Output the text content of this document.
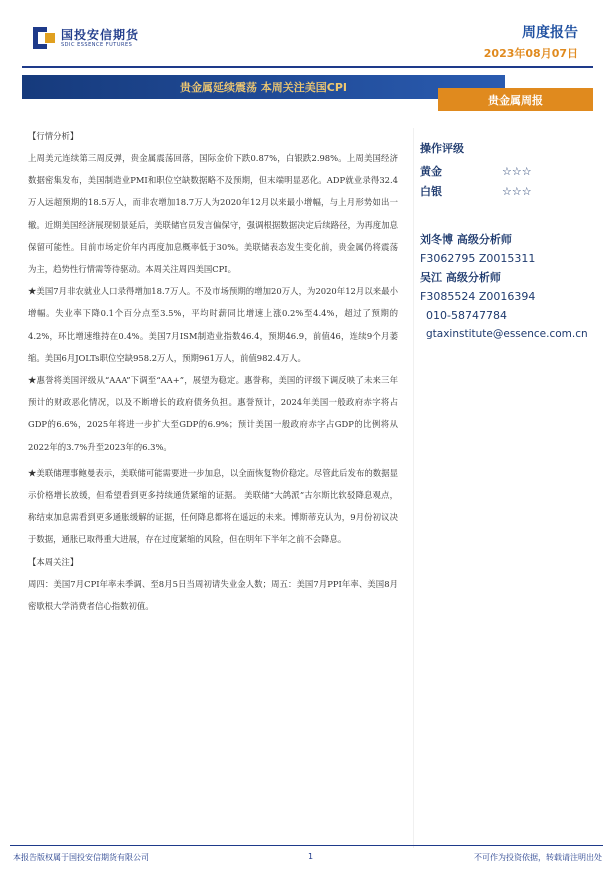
国投安信期货
SDIC ESSENCE FUTURES
周度报告
2023年08月07日
贵金属延续震荡 本周关注美国CPI
贵金属周报
【行情分析】

上周美元连续第三周反弹，贵金属震荡回落，国际金价下跌0.87%，白银跌2.98%。上周美国经济数据密集发布，美国制造业PMI和职位空缺数据略不及预期，但末端明显恶化。ADP就业录得32.4万人远超预期的18.5万人，而非农增加18.7万人为2020年12月以来最小增幅，与上月形势如出一辙。近期美国经济展现韧景延后，美联储官员发言偏保守，强调根据数据决定后续路径，为再度加息保留可能性。目前市场定价年内再度加息概率低于30%。美联储表态发生变化前，贵金属仍将震荡为主，趋势性行情需等待驱动。本周关注周四美国CPI。

★美国7月非农就业人口录得增加18.7万人。不及市场预期的增加20万人，为2020年12月以来最小增幅。失业率下降0.1个百分点至3.5%，平均时薪同比增速上涨0.2%至4.4%，超过了预期的4.2%，环比增速维持在0.4%。美国7月ISM制造业指数46.4，预期46.9，前值46，连续9个月萎缩。美国6月JOLTs职位空缺958.2万人，预期961万人，前值982.4万人。

★惠誉将美国评级从“AAA”下调至“AA+”，展望为稳定。惠誉称，美国的评级下调反映了未来三年预计的财政恶化情况，以及不断增长的政府债务负担。惠誉预计，2024年美国一般政府赤字将占GDP的6.6%，2025年将进一步扩大至GDP的6.9%；预计美国一般政府赤字占GDP的比例将从2022年的3.7%升至2023年的6.3%。

★美联储理事鲍曼表示，美联储可能需要进一步加息，以全面恢复物价稳定。尽管此后发布的数据显示价格增长放缓，但希望看到更多持续通货紧缩的证据。 美联储“大鸽派”古尔斯比软驳降息观点，称结束加息需看到更多通胀缓解的证据，任何降息都将在遥远的未来。博斯蒂克认为，9月份初议决于数据，通胀已取得重大进展，存在过度紧缩的风险，但在明年下半年之前不会降息。

【本周关注】

周四：美国7月CPI年率未季调、至8月5日当周初请失业金人数；周五：美国7月PPI年率、美国8月密歇根大学消费者信心指数初值。

操作评级
黄金	☆☆☆
白银	☆☆☆
刘冬博 高级分析师
F3062795 Z0015311
吴江 高级分析师
F3085524 Z0016394
010-58747784
gtaxinstitute@essence.com.cn
本报告版权属于国投安信期货有限公司	1	不可作为投资依据，转载请注明出处
